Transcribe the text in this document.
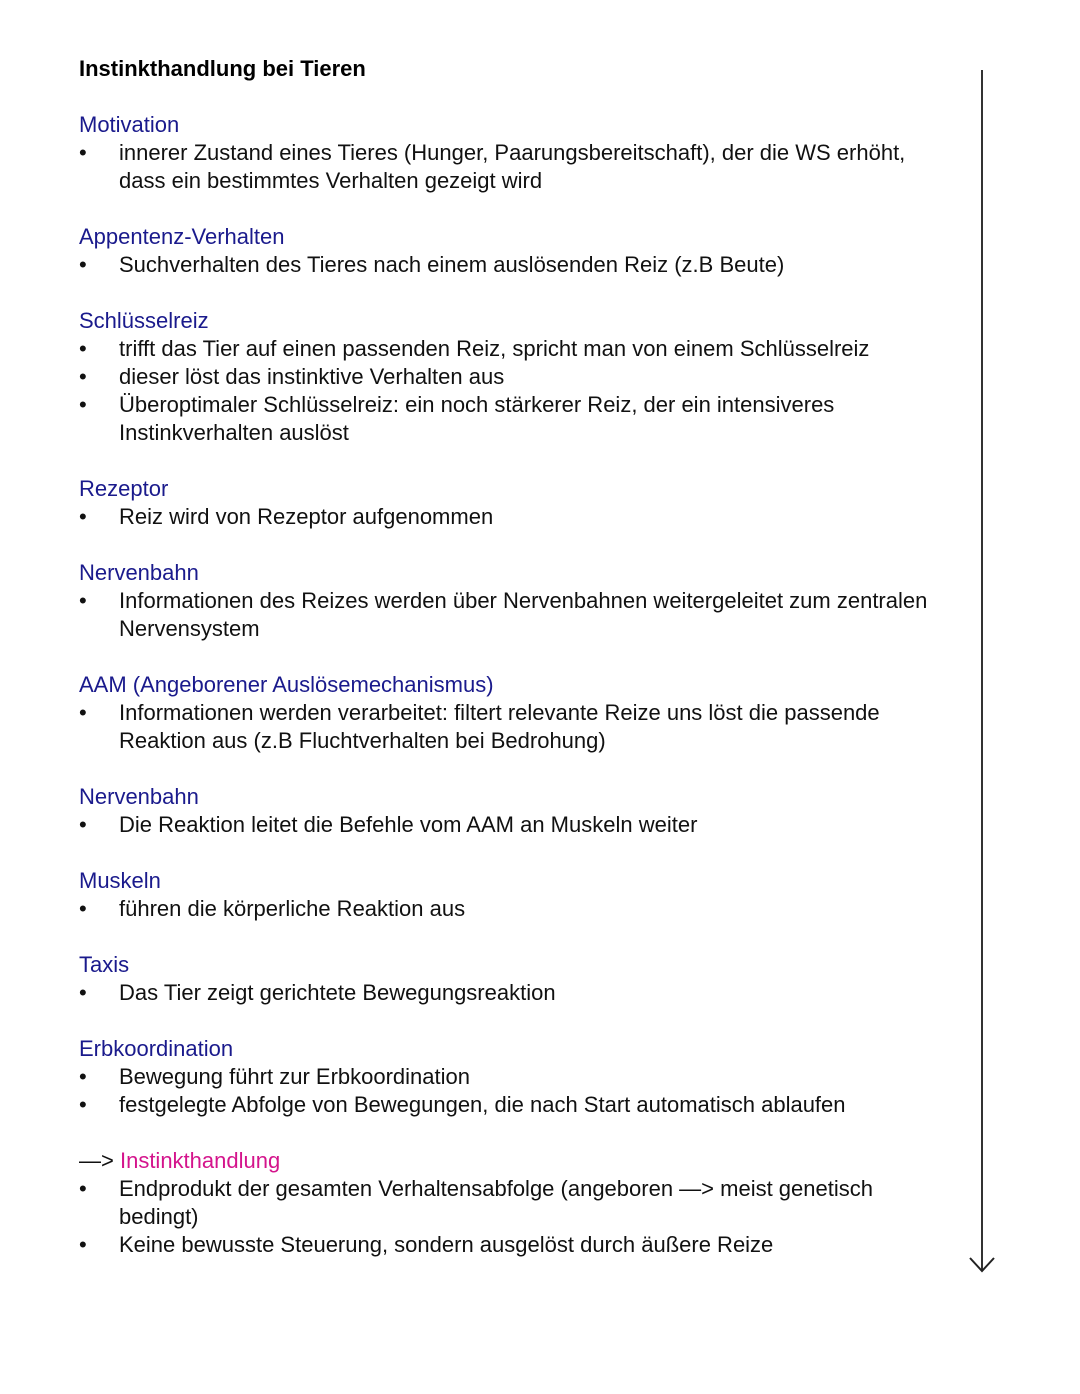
Instinkthandlung bei Tieren
Motivation
• innerer Zustand eines Tieres (Hunger, Paarungsbereitschaft), der die WS erhöht, dass ein bestimmtes Verhalten gezeigt wird
Appentenz-Verhalten
• Suchverhalten des Tieres nach einem auslösenden Reiz (z.B Beute)
Schlüsselreiz
• trifft das Tier auf einen passenden Reiz, spricht man von einem Schlüsselreiz
• dieser löst das instinktive Verhalten aus
• Überoptimaler Schlüsselreiz: ein noch stärkerer Reiz, der ein intensiveres Instinkverhalten auslöst
Rezeptor
• Reiz wird von Rezeptor aufgenommen
Nervenbahn
• Informationen des Reizes werden über Nervenbahnen weitergeleitet zum zentralen Nervensystem
AAM (Angeborener Auslösemechanismus)
• Informationen werden verarbeitet: filtert relevante Reize uns löst die passende Reaktion aus (z.B Fluchtverhalten bei Bedrohung)
Nervenbahn
• Die Reaktion leitet die Befehle vom AAM an Muskeln weiter
Muskeln
• führen die körperliche Reaktion aus
Taxis
• Das Tier zeigt gerichtete Bewegungsreaktion
Erbkoordination
• Bewegung führt zur Erbkoordination
• festgelegte Abfolge von Bewegungen, die nach Start automatisch ablaufen
—> Instinkthandlung
• Endprodukt der gesamten Verhaltensabfolge (angeboren —> meist genetisch bedingt)
• Keine bewusste Steuerung, sondern ausgelöst durch äußere Reize
